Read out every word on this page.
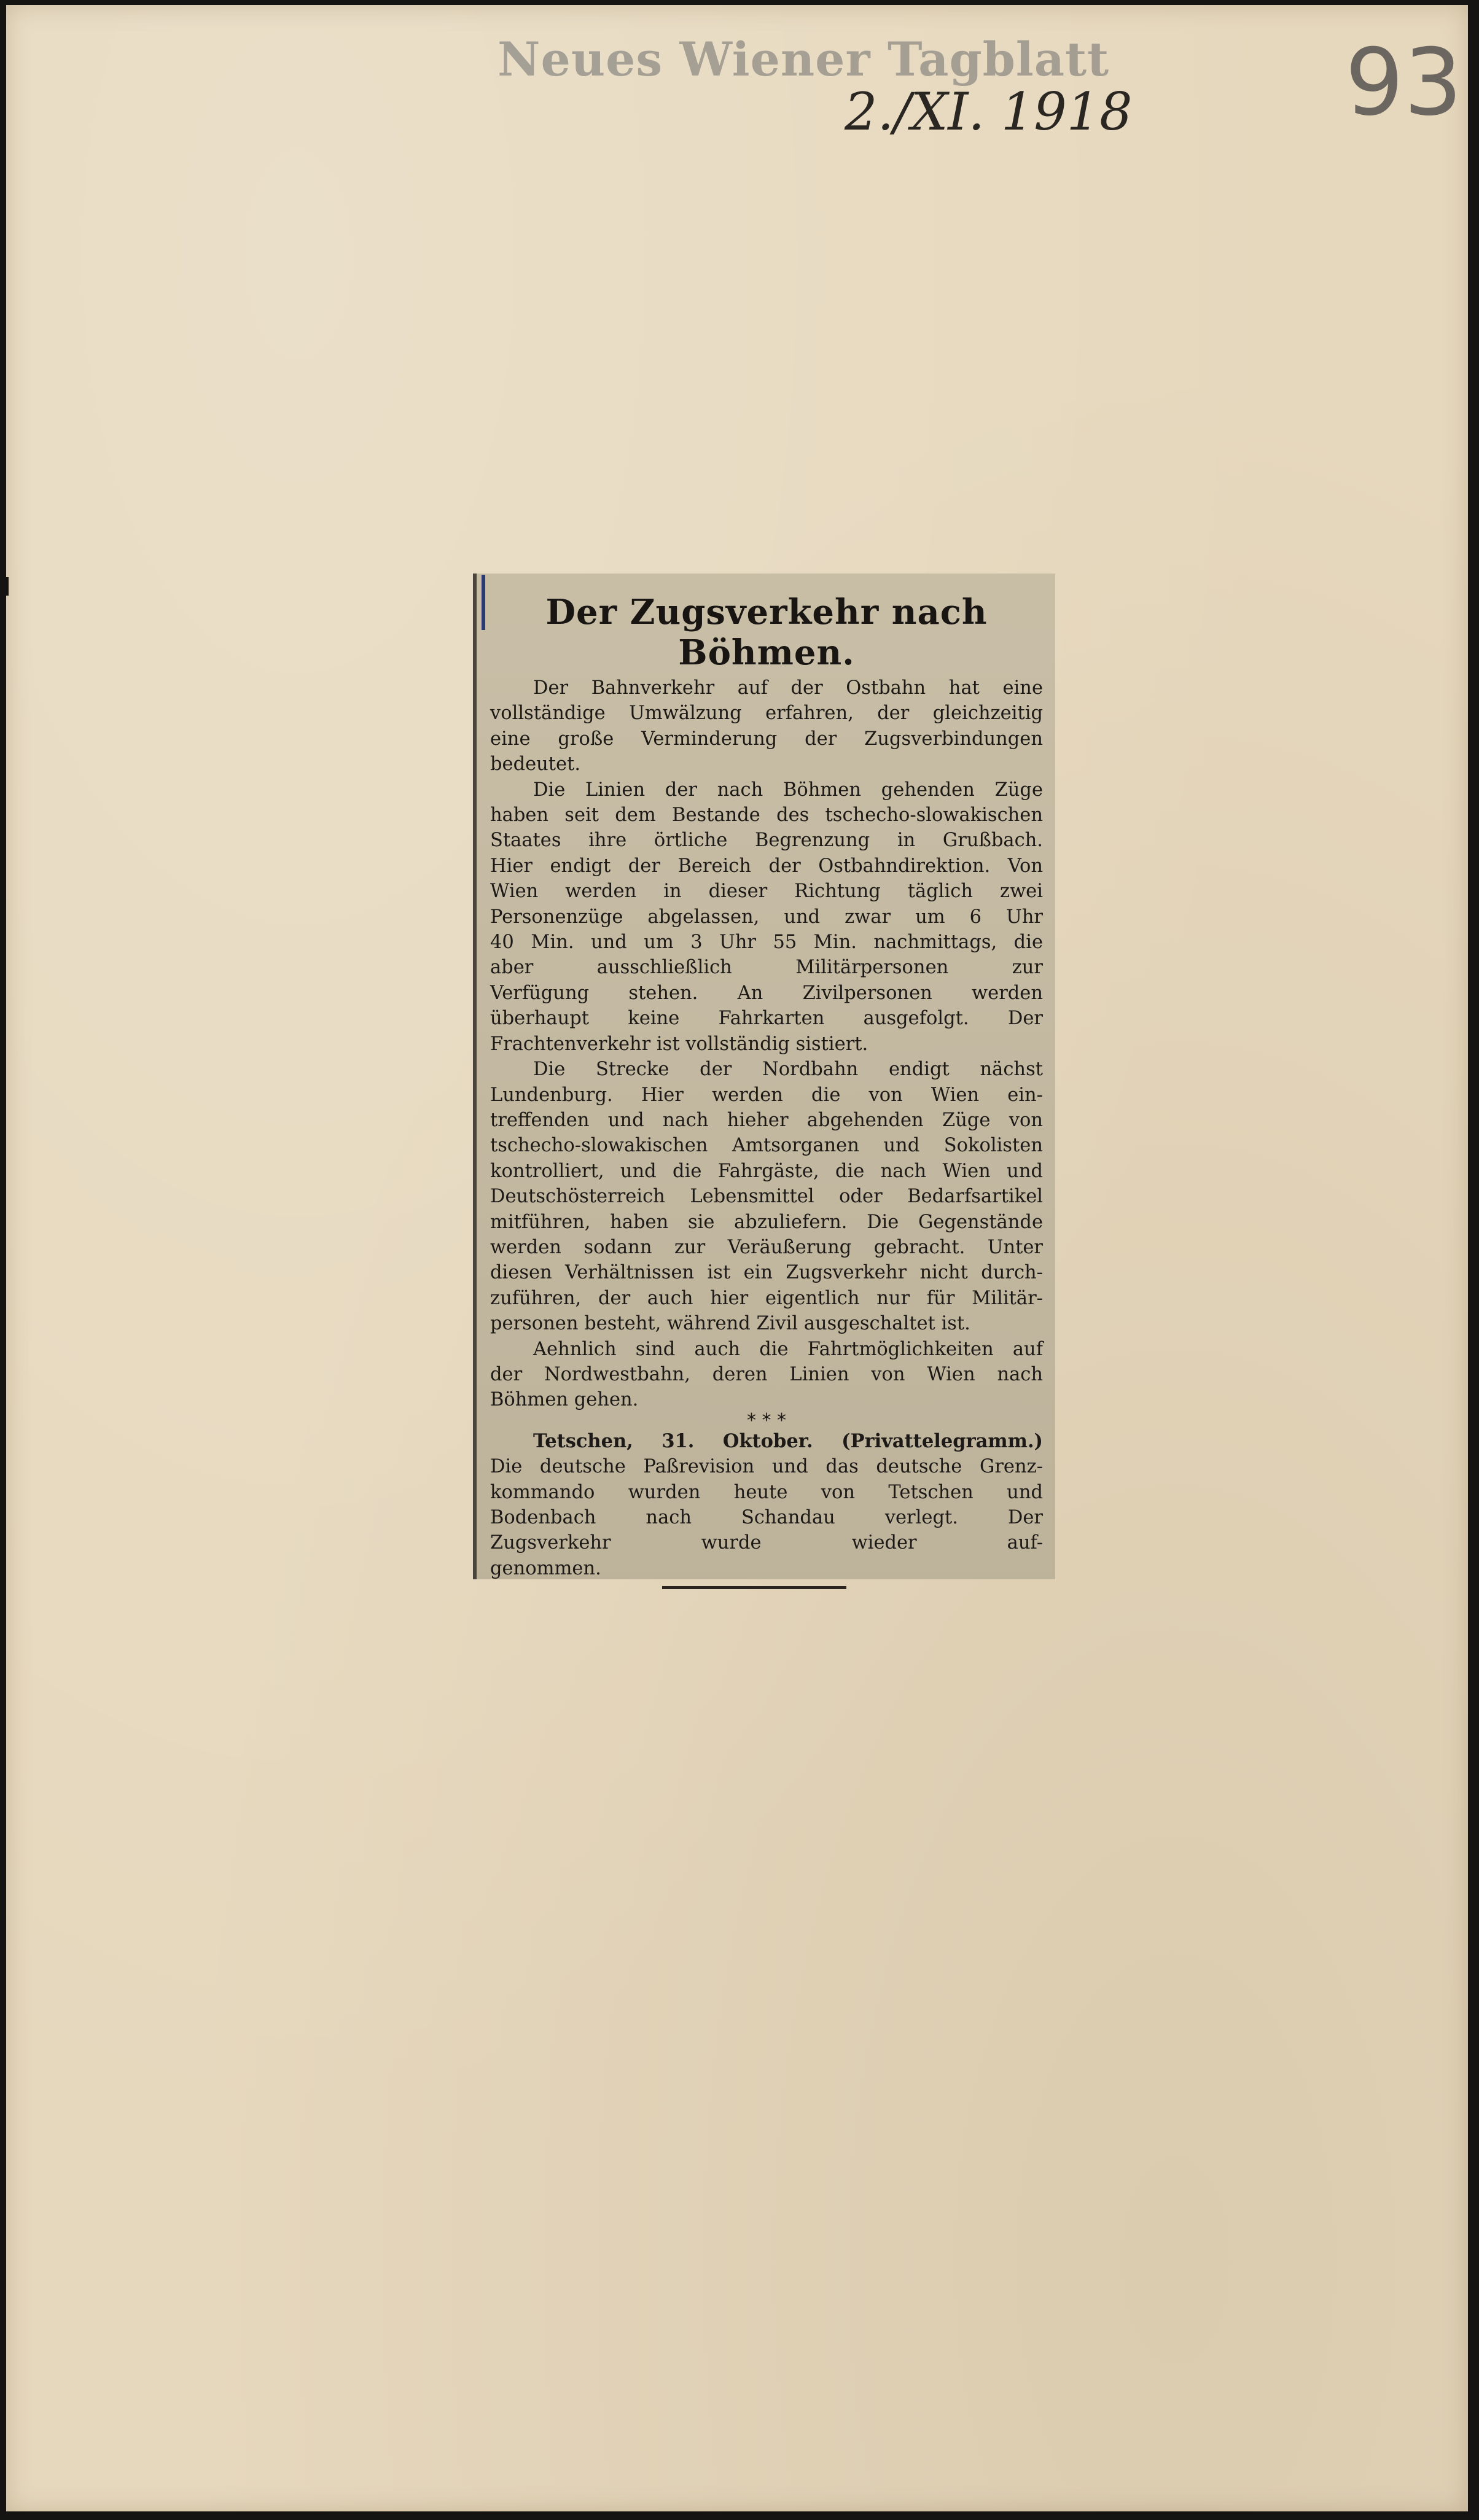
Neues Wiener Tagblatt
2./XI. 1918 93
Der Zugsverkehr nach Böhmen.

Der Bahnverkehr auf der Ostbahn hat eine
vollständige Umwälzung erfahren, der gleichzeitig
eine große Verminderung der Zugsverbindungen
bedeutet.

Die Linien der nach Böhmen gehenden Züge
haben seit dem Bestande des tschecho-slowakischen
Staates ihre örtliche Begrenzung in Grußbach.
Hier endigt der Bereich der Ostbahndirektion. Von
Wien werden in dieser Richtung täglich zwei
Personenzüge abgelassen, und zwar um 6 Uhr
40 Min. und um 3 Uhr 55 Min. nachmittags, die
aber ausschließlich Militärpersonen zur
Verfügung stehen. An Zivilpersonen werden
überhaupt keine Fahrkarten ausgefolgt. Der
Frachtenverkehr ist vollständig sistiert.

Die Strecke der Nordbahn endigt nächst
Lundenburg. Hier werden die von Wien ein-
treffenden und nach hieher abgehenden Züge von
tschecho-slowakischen Amtsorganen und Sokolisten
kontrolliert, und die Fahrgäste, die nach Wien und
Deutschösterreich Lebensmittel oder Bedarfsartikel
mitführen, haben sie abzuliefern. Die Gegenstände
werden sodann zur Veräußerung gebracht. Unter
diesen Verhältnissen ist ein Zugsverkehr nicht durch-
zuführen, der auch hier eigentlich nur für Militär-
personen besteht, während Zivil ausgeschaltet ist.

Aehnlich sind auch die Fahrtmöglichkeiten auf
der Nordwestbahn, deren Linien von Wien nach
Böhmen gehen.

* * *

Tetschen, 31. Oktober. (Privattelegramm.)
Die deutsche Paßrevision und das deutsche Grenz-
kommando wurden heute von Tetschen und
Bodenbach nach Schandau verlegt. Der
Zugsverkehr wurde wieder auf-
genommen.
